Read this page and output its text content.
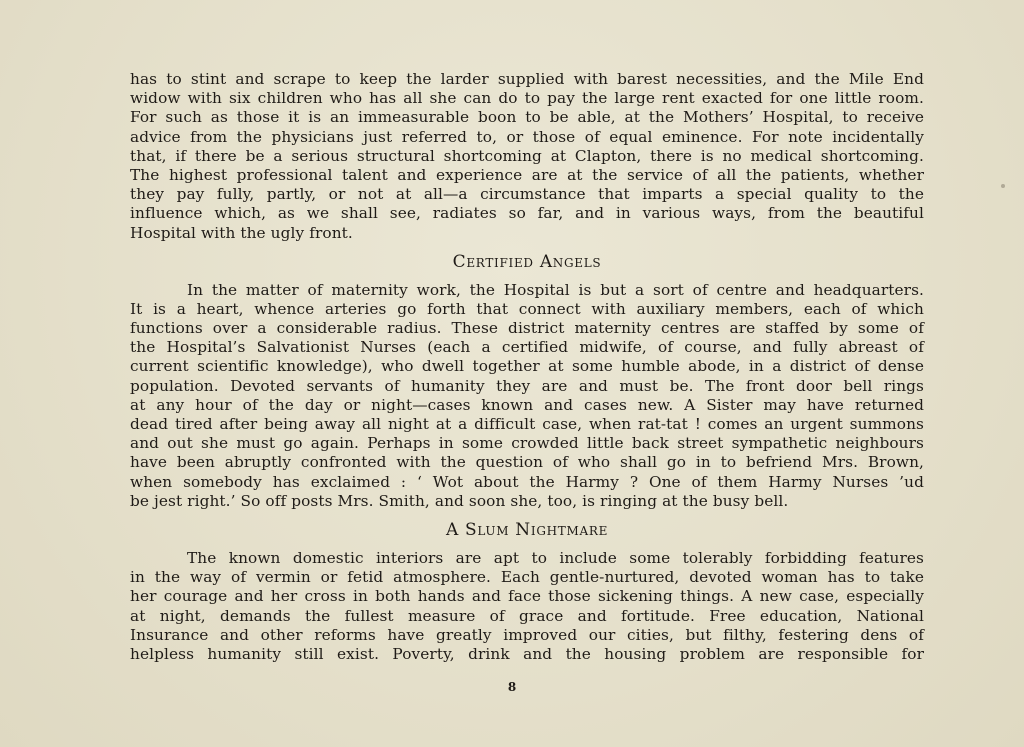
has to stint and scrape to keep the larder supplied with barest necessities, and the Mile End
widow with six children who has all she can do to pay the large rent exacted for one little room.
For such as those it is an immeasurable boon to be able, at the Mothers’ Hospital, to receive
advice from the physicians just referred to, or those of equal eminence. For note incidentally
that, if there be a serious structural shortcoming at Clapton, there is no medical shortcoming.
The highest professional talent and experience are at the service of all the patients, whether
they pay fully, partly, or not at all—a circumstance that imparts a special quality to the
influence which, as we shall see, radiates so far, and in various ways, from the beautiful
Hospital with the ugly front.
Certified Angels
In the matter of maternity work, the Hospital is but a sort of centre and headquarters.
It is a heart, whence arteries go forth that connect with auxiliary members, each of which
functions over a considerable radius. These district maternity centres are staffed by some of
the Hospital’s Salvationist Nurses (each a certified midwife, of course, and fully abreast of
current scientific knowledge), who dwell together at some humble abode, in a district of dense
population. Devoted servants of humanity they are and must be. The front door bell rings
at any hour of the day or night—cases known and cases new. A Sister may have returned
dead tired after being away all night at a difficult case, when rat-tat ! comes an urgent summons
and out she must go again. Perhaps in some crowded little back street sympathetic neighbours
have been abruptly confronted with the question of who shall go in to befriend Mrs. Brown,
when somebody has exclaimed : ‘ Wot about the Harmy ? One of them Harmy Nurses ’ud
be jest right.’ So off posts Mrs. Smith, and soon she, too, is ringing at the busy bell.
A Slum Nightmare
The known domestic interiors are apt to include some tolerably forbidding features
in the way of vermin or fetid atmosphere. Each gentle-nurtured, devoted woman has to take
her courage and her cross in both hands and face those sickening things. A new case, especially
at night, demands the fullest measure of grace and fortitude. Free education, National
Insurance and other reforms have greatly improved our cities, but filthy, festering dens of
helpless humanity still exist. Poverty, drink and the housing problem are responsible for
8
